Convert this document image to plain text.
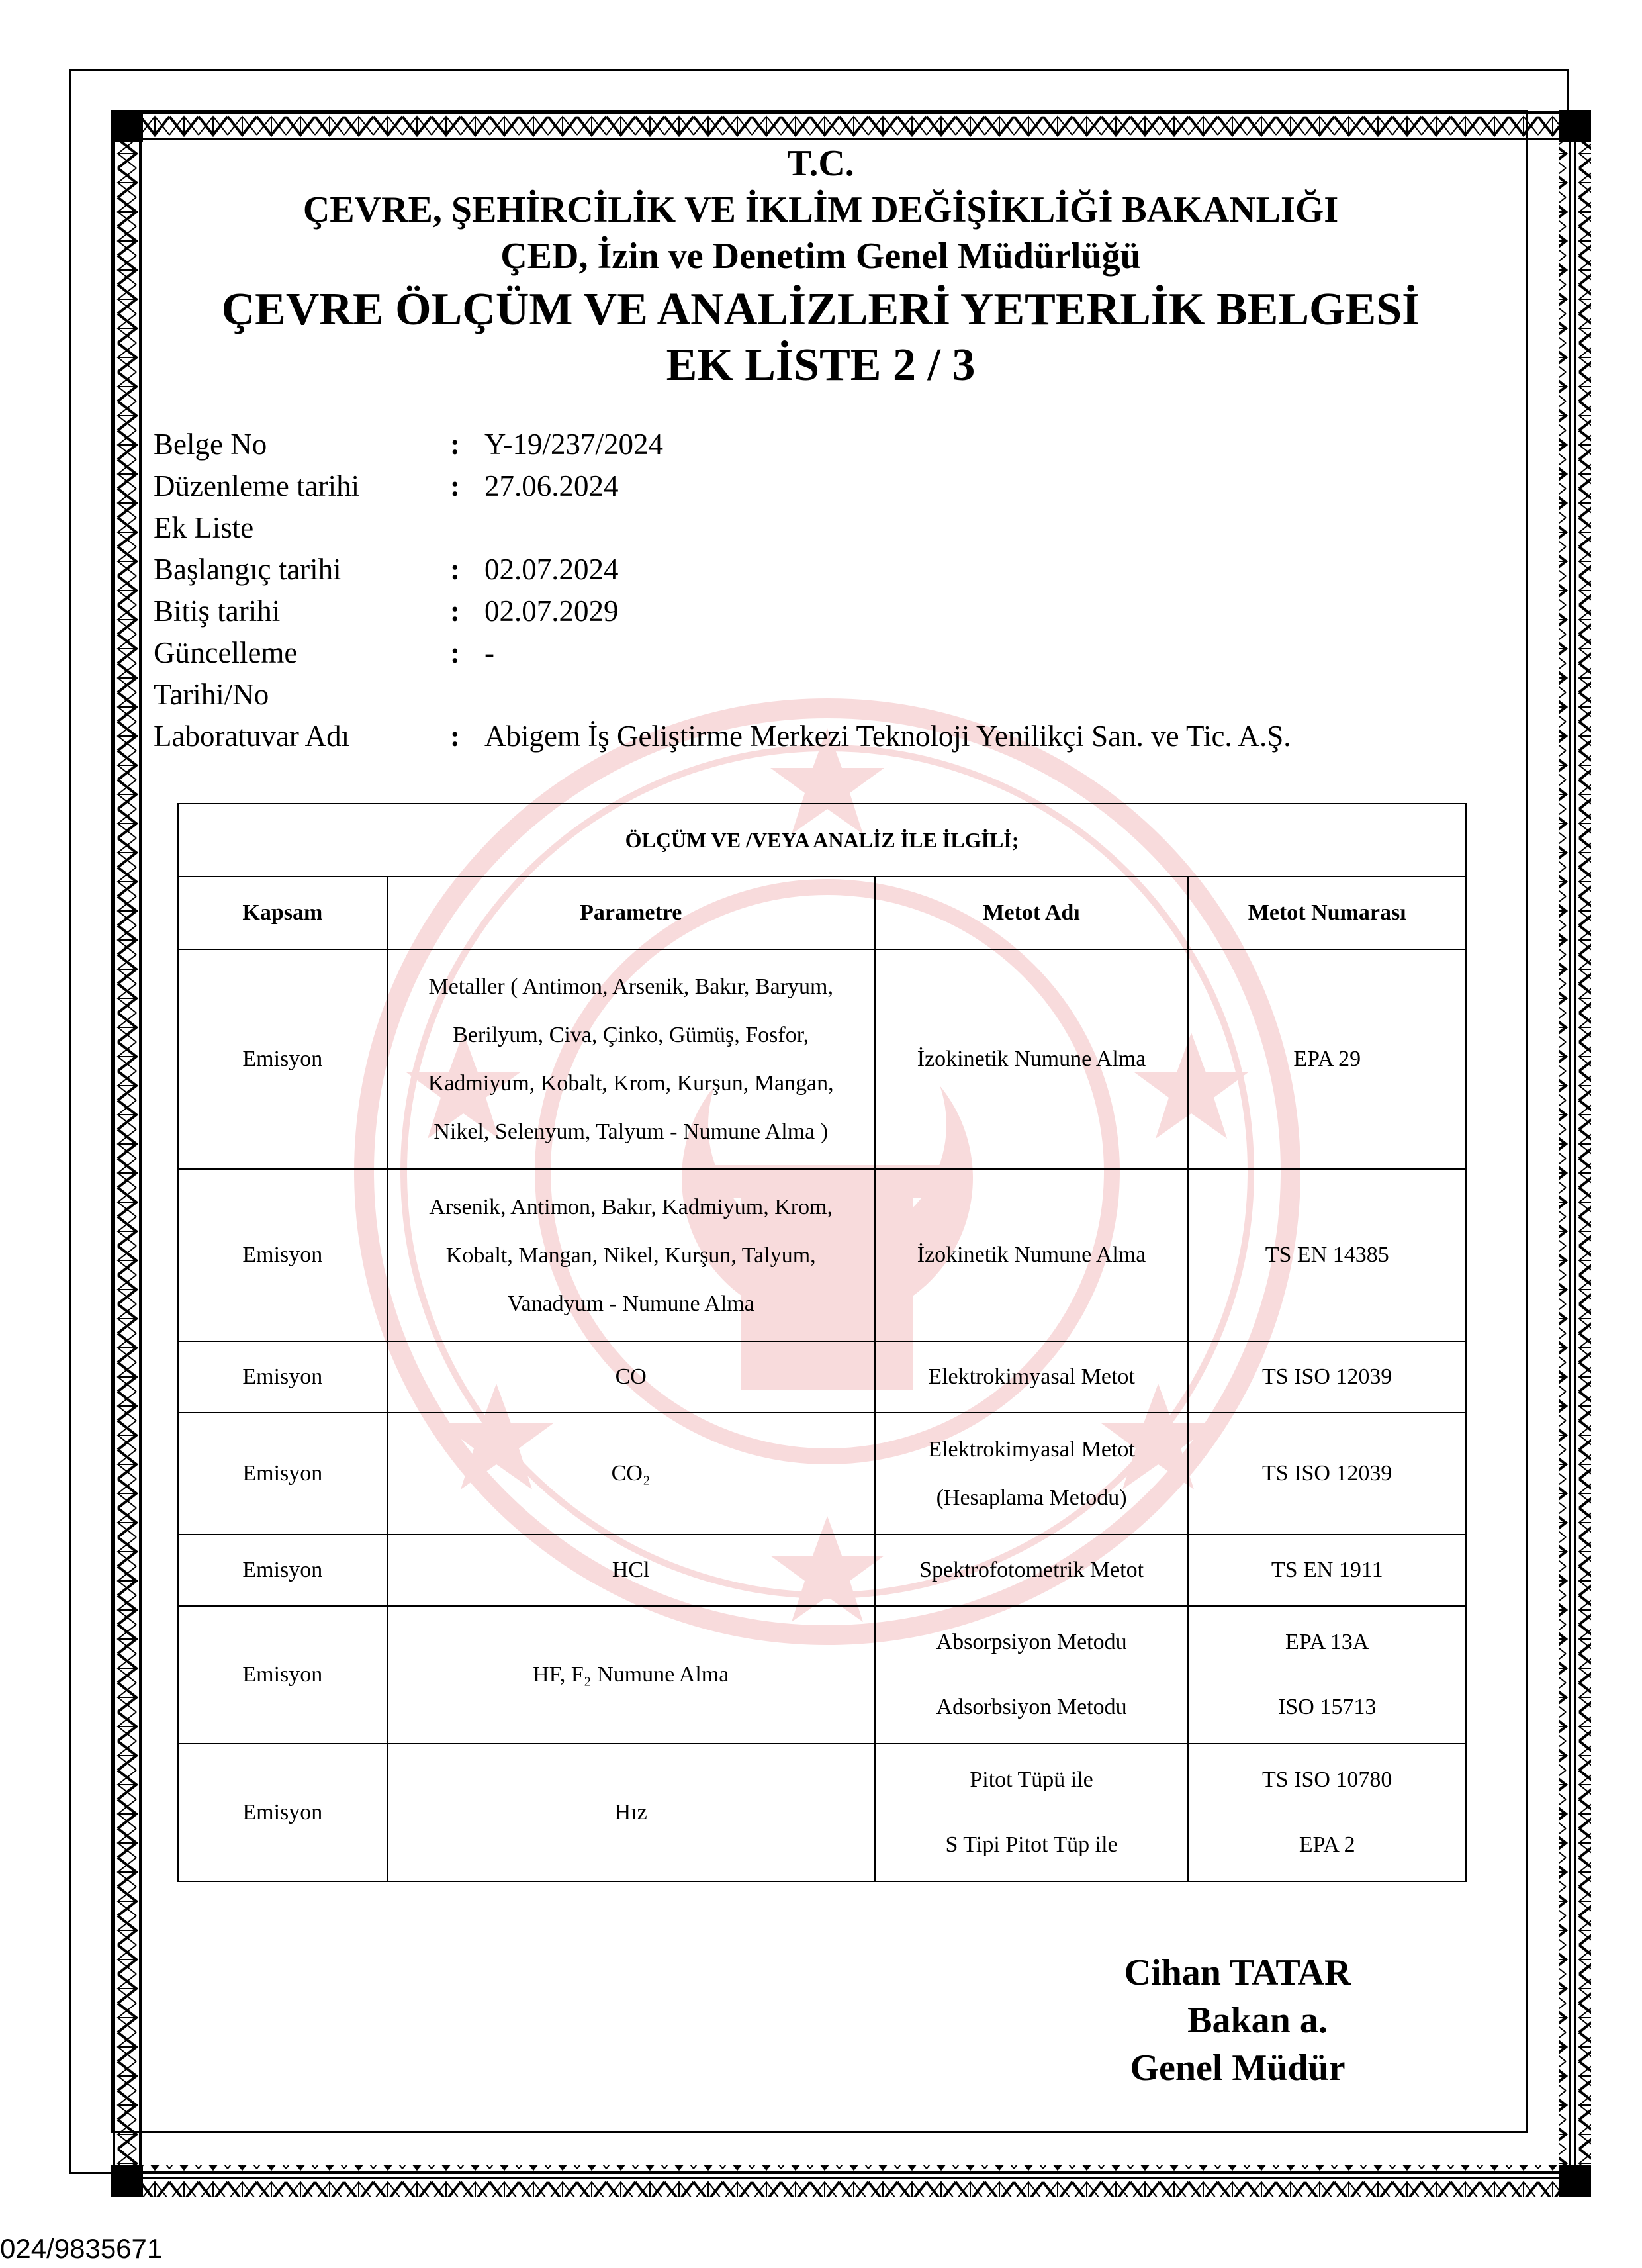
T.C.
ÇEVRE, ŞEHİRCİLİK VE İKLİM DEĞİŞİKLİĞİ BAKANLIĞI
ÇED, İzin ve Denetim Genel Müdürlüğü
ÇEVRE ÖLÇÜM VE ANALİZLERİ YETERLİK BELGESİ
EK LİSTE 2 / 3
Belge No	: Y-19/237/2024
Düzenleme tarihi	: 27.06.2024
Ek Liste
Başlangıç tarihi	: 02.07.2024
Bitiş tarihi	: 02.07.2029
Güncelleme	: -
Tarihi/No
Laboratuvar Adı	: Abigem İş Geliştirme Merkezi Teknoloji Yenilikçi San. ve Tic. A.Ş.
ÖLÇÜM VE /VEYA ANALİZ İLE İLGİLİ;			
Kapsam	Parametre	Metot Adı	Metot Numarası
Emisyon	Metaller ( Antimon, Arsenik, Bakır, Baryum,
Berilyum, Civa, Çinko, Gümüş, Fosfor,
Kadmiyum, Kobalt, Krom, Kurşun, Mangan,
Nikel, Selenyum, Talyum - Numune Alma )	İzokinetik Numune Alma	EPA 29
Emisyon	Arsenik, Antimon, Bakır, Kadmiyum, Krom,
Kobalt, Mangan, Nikel, Kurşun, Talyum,
Vanadyum - Numune Alma	İzokinetik Numune Alma	TS EN 14385
Emisyon	CO	Elektrokimyasal Metot	TS ISO 12039
Emisyon	CO₂	Elektrokimyasal Metot
(Hesaplama Metodu)	TS ISO 12039
Emisyon	HCl	Spektrofotometrik Metot	TS EN 1911
Emisyon	HF, F₂ Numune Alma	Absorpsiyon Metodu
Adsorbsiyon Metodu	EPA 13A
ISO 15713

Emisyon	Hız	Pitot Tüpü ile
S Tipi Pitot Tüp ile	TS ISO 10780
EPA 2
Cihan TATAR
Bakan a.
Genel Müdür
024/9835671
